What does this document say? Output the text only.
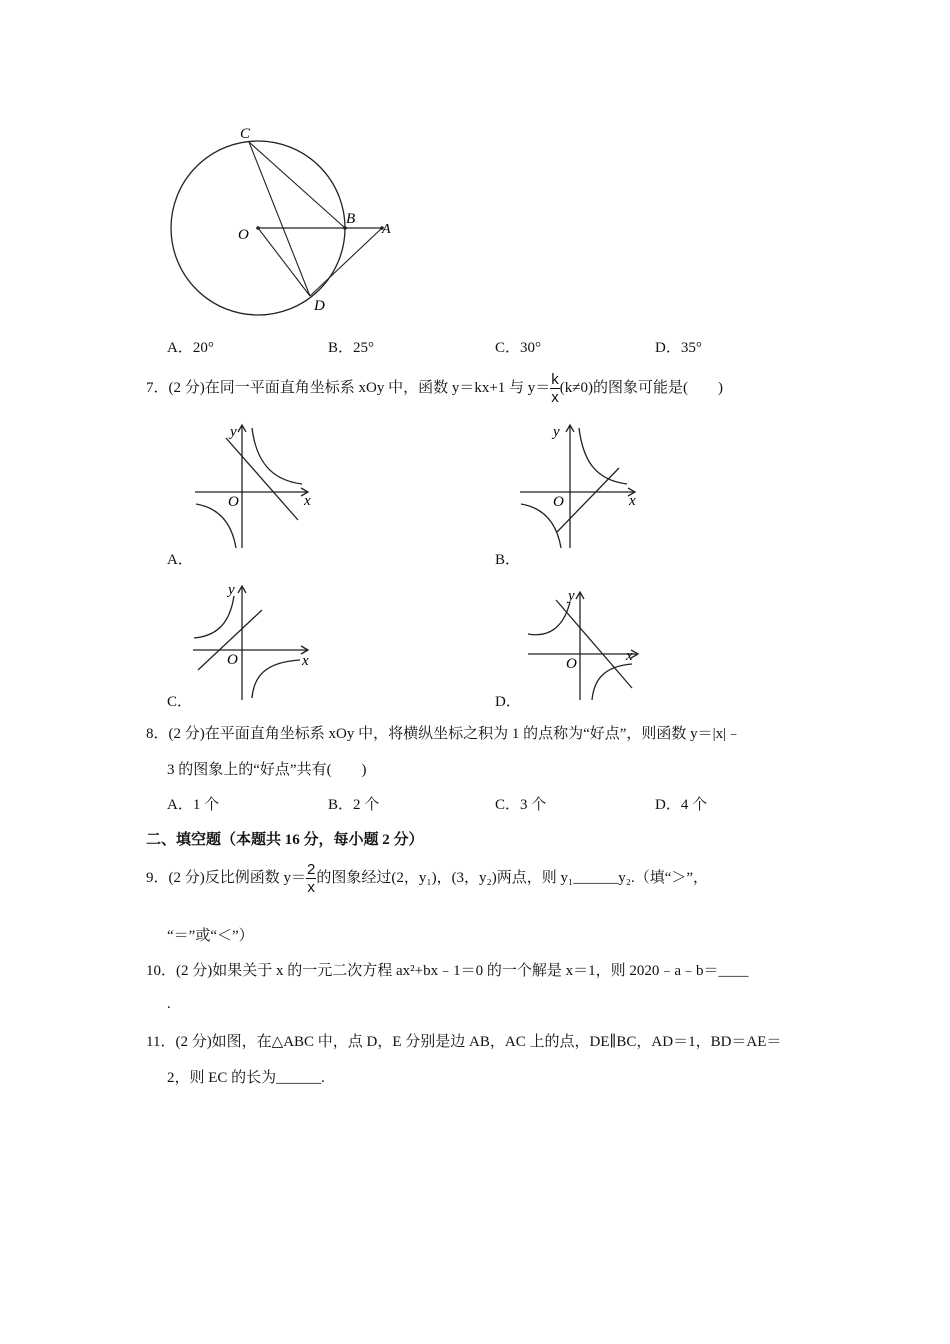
C
B
A
O
D
A．20°	B．25°	C．30°	D．35°
7．(2 分)在同一平面直角坐标系 xOy 中，函数 y＝kx+1 与 $y= \frac{k}{x} (k\ne 0)$的图象可能是(　　)
y
x
O
y
x
O
A．	B．
y
x
O
y
x
O
C．	D．
8．(2 分)在平面直角坐标系 xOy 中，将横纵坐标之积为 1 的点称为“好点”，则函数 y＝|x|﹣
3 的图象上的“好点”共有(　　)
A．1 个	B．2 个	C．3 个	D．4 个
二、填空题（本题共 16 分，每小题 2 分）
9．(2 分)反比例函数 $y= \frac{2}{x}$ 的图象经过(2，y₁)，(3，y₂)两点，则 y₁______y₂.（填“＞”，
“＝”或“＜”）
10．(2 分)如果关于 x 的一元二次方程 ax²+bx﹣1＝0 的一个解是 x＝1，则 2020﹣a﹣b＝____
.
11．(2 分)如图，在△ABC 中，点 D，E 分别是边 AB，AC 上的点，DE∥BC，AD＝1，BD＝AE＝
2，则 EC 的长为______.
